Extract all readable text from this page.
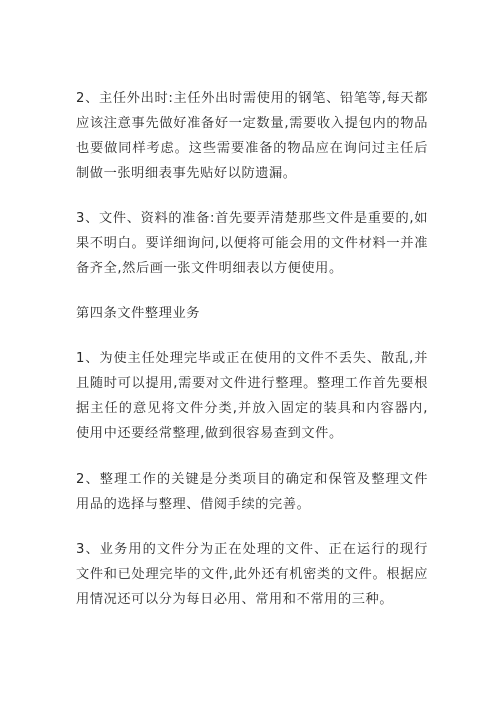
2、主任外出时:主任外出时需使用的钢笔、铅笔等,每天都应该注意事先做好准备好一定数量,需要收入提包内的物品也要做同样考虑。这些需要准备的物品应在询问过主任后制做一张明细表事先贴好以防遗漏。

3、文件、资料的准备:首先要弄清楚那些文件是重要的,如果不明白。要详细询问,以便将可能会用的文件材料一并准备齐全,然后画一张文件明细表以方便使用。

第四条文件整理业务

1、为使主任处理完毕或正在使用的文件不丢失、散乱,并且随时可以提用,需要对文件进行整理。整理工作首先要根据主任的意见将文件分类,并放入固定的装具和内容器内,使用中还要经常整理,做到很容易查到文件。

2、整理工作的关键是分类项目的确定和保管及整理文件用品的选择与整理、借阅手续的完善。

3、业务用的文件分为正在处理的文件、正在运行的现行文件和已处理完毕的文件,此外还有机密类的文件。根据应用情况还可以分为每日必用、常用和不常用的三种。
